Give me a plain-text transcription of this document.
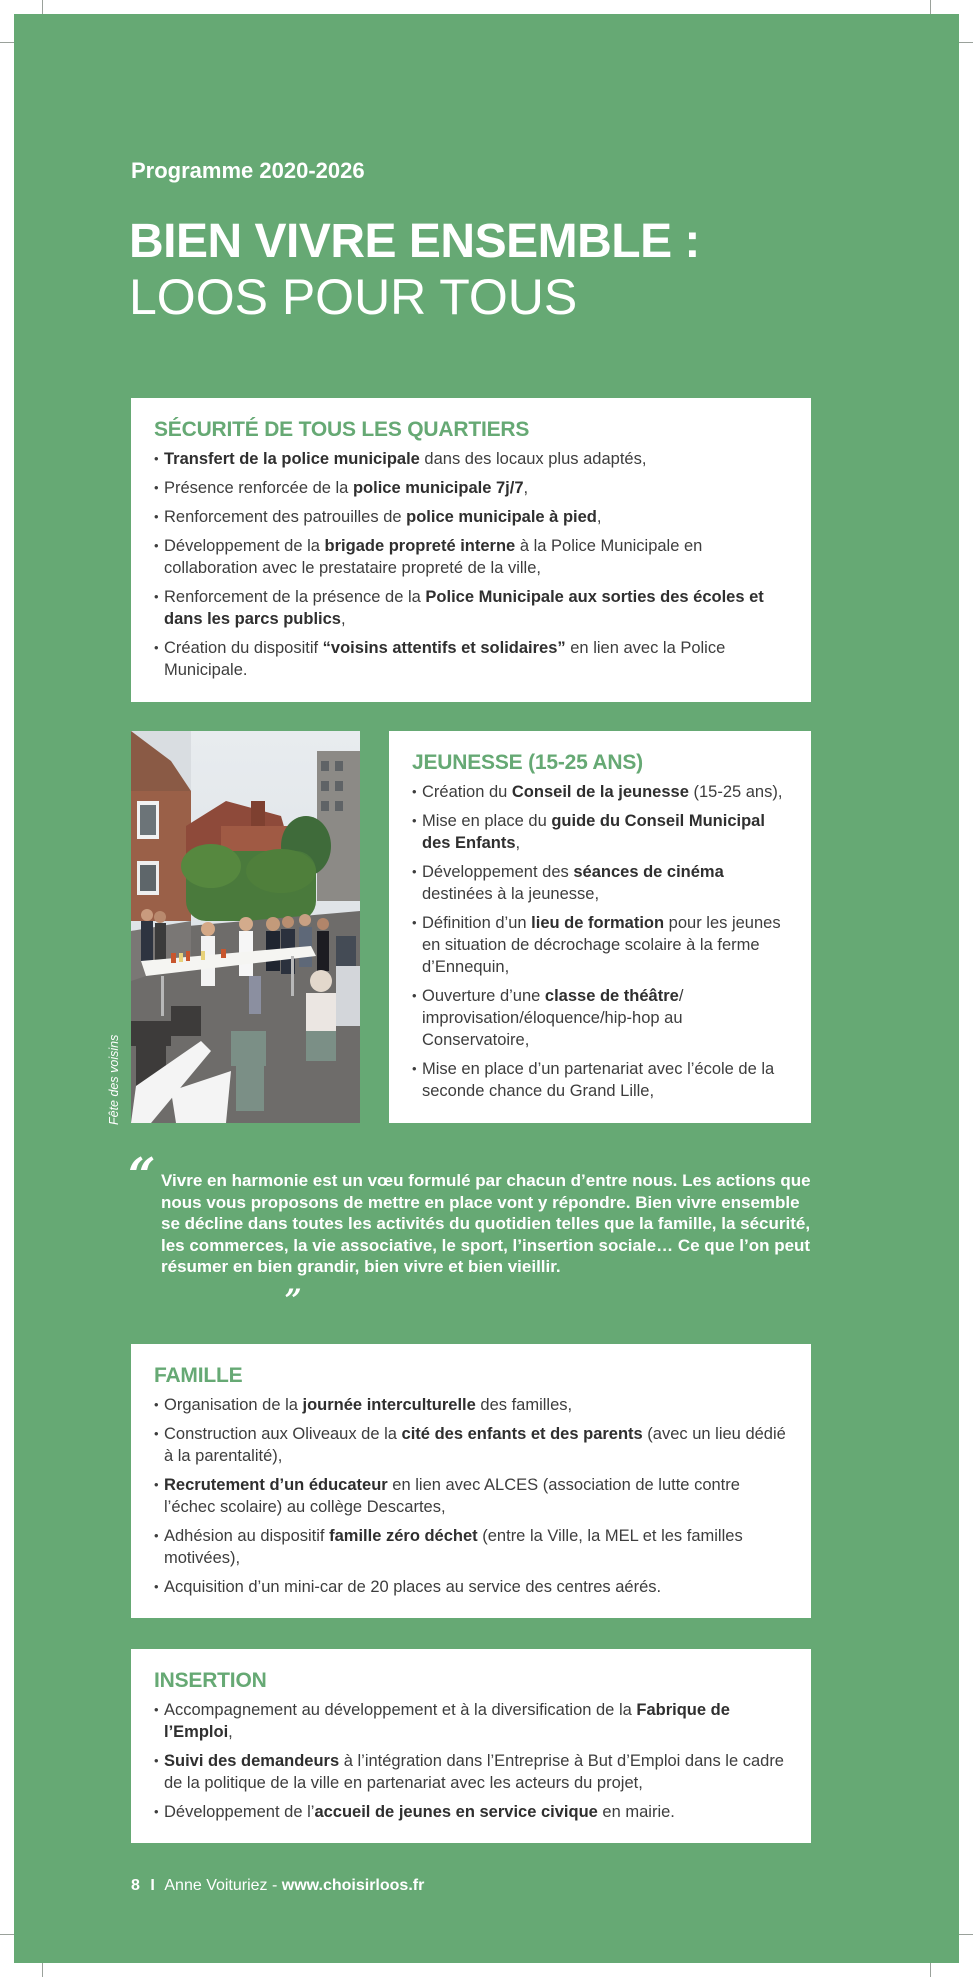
Programme 2020-2026
BIEN VIVRE ENSEMBLE :
LOOS POUR TOUS
SÉCURITÉ DE TOUS LES QUARTIERS
• Transfert de la police municipale dans des locaux plus adaptés,
• Présence renforcée de la police municipale 7j/7,
• Renforcement des patrouilles de police municipale à pied,
• Développement de la brigade propreté interne à la Police Municipale en collaboration avec le prestataire propreté de la ville,
• Renforcement de la présence de la Police Municipale aux sorties des écoles et dans les parcs publics,
• Création du dispositif “voisins attentifs et solidaires” en lien avec la Police Municipale.
Fête des voisins
JEUNESSE (15-25 ANS)
• Création du Conseil de la jeunesse (15-25 ans),
• Mise en place du guide du Conseil Municipal des Enfants,
• Développement des séances de cinéma destinées à la jeunesse,
• Définition d’un lieu de formation pour les jeunes en situation de décrochage scolaire à la ferme d’Ennequin,
• Ouverture d’une classe de théâtre/ improvisation/éloquence/hip-hop au Conservatoire,
• Mise en place d’un partenariat avec l’école de la seconde chance du Grand Lille,
“ Vivre en harmonie est un vœu formulé par chacun d’entre nous. Les actions que nous vous proposons de mettre en place vont y répondre. Bien vivre ensemble se décline dans toutes les activités du quotidien telles que la famille, la sécurité, les commerces, la vie associative, le sport, l’insertion sociale… Ce que l’on peut résumer en bien grandir, bien vivre et bien vieillir.
„
FAMILLE
• Organisation de la journée interculturelle des familles,
• Construction aux Oliveaux de la cité des enfants et des parents (avec un lieu dédié à la parentalité),
• Recrutement d’un éducateur en lien avec ALCES (association de lutte contre l’échec scolaire) au collège Descartes,
• Adhésion au dispositif famille zéro déchet (entre la Ville, la MEL et les familles motivées),
• Acquisition d’un mini-car de 20 places au service des centres aérés.
INSERTION
• Accompagnement au développement et à la diversification de la Fabrique de l’Emploi,
• Suivi des demandeurs à l’intégration dans l’Entreprise à But d’Emploi dans le cadre de la politique de la ville en partenariat avec les acteurs du projet,
• Développement de l’accueil de jeunes en service civique en mairie.
8 I Anne Voituriez - www.choisirloos.fr
